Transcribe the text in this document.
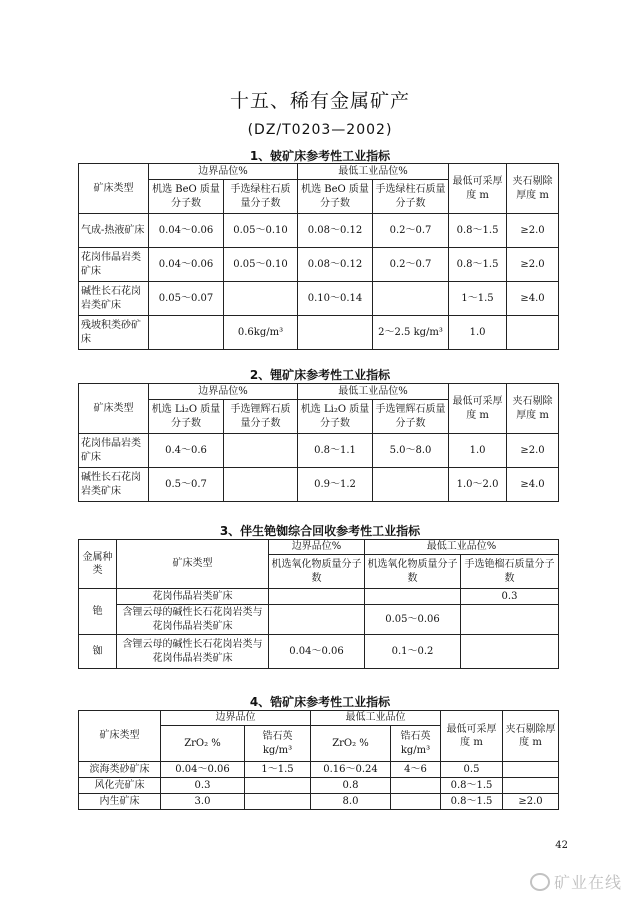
十五、稀有金属矿产
(DZ/T0203—2002)
1、铍矿床参考性工业指标
矿床类型	边界品位%		最低工业品位%		最低可采厚度 m	夹石剔除厚度 m
	机选 BeO 质量分子数	手选绿柱石质量分子数	机选 BeO 质量分子数	手选绿柱石质量分子数		
气成-热液矿床	0.04～0.06	0.05～0.10	0.08～0.12	0.2～0.7	0.8～1.5	≥2.0
花岗伟晶岩类矿床	0.04～0.06	0.05～0.10	0.08～0.12	0.2～0.7	0.8～1.5	≥2.0
碱性长石花岗岩类矿床	0.05～0.07		0.10～0.14		1～1.5	≥4.0
残坡积类砂矿床		0.6kg/m³		2～2.5 kg/m³	1.0	
2、锂矿床参考性工业指标
矿床类型	边界品位%		最低工业品位%		最低可采厚度 m	夹石剔除厚度 m
	机选 Li₂O 质量分子数	手选锂辉石质量分子数	机选 Li₂O 质量分子数	手选锂辉石质量分子数		
花岗伟晶岩类矿床	0.4～0.6		0.8～1.1	5.0～8.0	1.0	≥2.0
碱性长石花岗岩类矿床	0.5～0.7		0.9～1.2		1.0～2.0	≥4.0
3、伴生铯铷综合回收参考性工业指标
金属种类	矿床类型	边界品位%	最低工业品位%	
		机选氧化物质量分子数	机选氧化物质量分子数	手选铯榴石质量分子数
铯	花岗伟晶岩类矿床			0.3
	含锂云母的碱性长石花岗岩类与花岗伟晶岩类矿床		0.05～0.06	
铷	含锂云母的碱性长石花岗岩类与花岗伟晶岩类矿床	0.04～0.06	0.1～0.2	
4、锆矿床参考性工业指标
矿床类型	边界品位		最低工业品位		最低可采厚度 m	夹石剔除厚度 m
	ZrO₂ %	锆石英 kg/m³	ZrO₂ %	锆石英 kg/m³		
滨海类砂矿床	0.04～0.06	1～1.5	0.16～0.24	4～6	0.5	
风化壳矿床	0.3		0.8		0.8～1.5	
内生矿床	3.0		8.0		0.8～1.5	≥2.0
42
矿业在线
